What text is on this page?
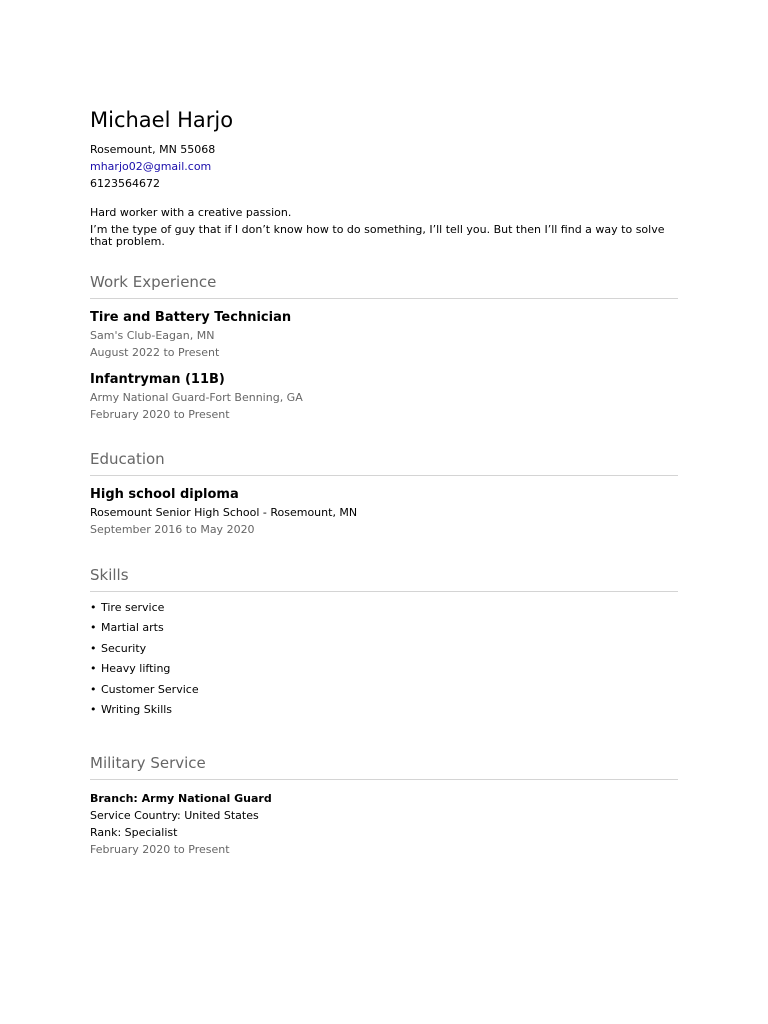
Michael Harjo
Rosemount, MN 55068
mharjo02@gmail.com
6123564672

Hard worker with a creative passion.

I’m the type of guy that if I don’t know how to do something, I’ll tell you. But then I’ll find a way to solve that problem.

Work Experience
Tire and Battery Technician
Sam's Club-Eagan, MN
August 2022 to Present
Infantryman (11B)
Army National Guard-Fort Benning, GA
February 2020 to Present
Education
High school diploma
Rosemount Senior High School - Rosemount, MN
September 2016 to May 2020
Skills
• Tire service
• Martial arts
• Security
• Heavy lifting
• Customer Service
• Writing Skills
Military Service
Branch: Army National Guard
Service Country: United States
Rank: Specialist
February 2020 to Present
